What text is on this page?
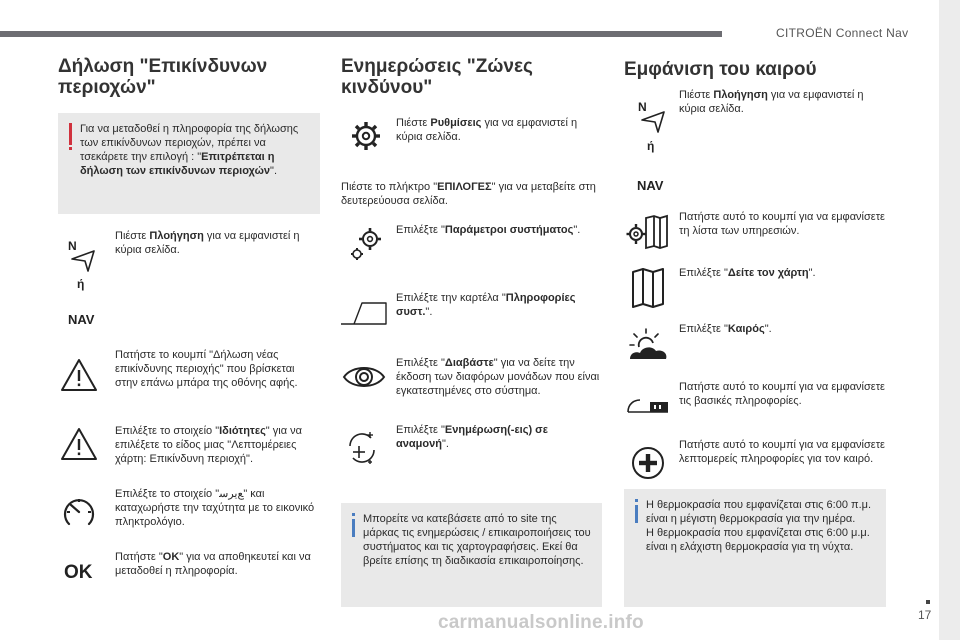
CITROËN Connect Nav
Δήλωση "Επικίνδυνων
περιοχών"

Για να μεταδοθεί η πληροφορία της δήλωσης των επικίνδυνων περιοχών, πρέπει να τσεκάρετε την επιλογή : "Επιτρέπεται η δήλωση των επικίνδυνων περιοχών".

N
ή
NAV
Πιέστε Πλοήγηση για να εμφανιστεί η κύρια σελίδα.
Πατήστε το κουμπί "Δήλωση νέας επικίνδυνης περιοχής" που βρίσκεται στην επάνω μπάρα της οθόνης αφής.
Επιλέξτε το στοιχείο "Ιδιότητες" για να επιλέξετε το είδος μιας "Λεπτομέρειες χάρτη: Επικίνδυνη περιοχή".
Επιλέξτε το στοιχείο "ﻊﯾﺮﺳ" και καταχωρήστε την ταχύτητα με το εικονικό πληκτρολόγιο.
OK
Πατήστε "OK" για να αποθηκευτεί και να μεταδοθεί η πληροφορία.
Ενημερώσεις "Ζώνες
κινδύνου"
Πιέστε Ρυθμίσεις για να εμφανιστεί η κύρια σελίδα.
Πιέστε το πλήκτρο "ΕΠΙΛΟΓΕΣ" για να μεταβείτε στη δευτερεύουσα σελίδα.
Επιλέξτε "Παράμετροι συστήματος".
Επιλέξτε την καρτέλα "Πληροφορίες συστ.".
Επιλέξτε "Διαβάστε" για να δείτε την έκδοση των διαφόρων μονάδων που είναι εγκατεστημένες στο σύστημα.
Επιλέξτε "Ενημέρωση(-εις) σε αναμονή".

Μπορείτε να κατεβάσετε από το site της μάρκας τις ενημερώσεις / επικαιροποιήσεις του συστήματος και τις χαρτογραφήσεις. Εκεί θα βρείτε επίσης τη διαδικασία επικαιροποίησης.

Εμφάνιση του καιρού
N
ή
NAV
Πιέστε Πλοήγηση για να εμφανιστεί η κύρια σελίδα.
Πατήστε αυτό το κουμπί για να εμφανίσετε τη λίστα των υπηρεσιών.
Επιλέξτε "Δείτε τον χάρτη".
Επιλέξτε "Καιρός".
Πατήστε αυτό το κουμπί για να εμφανίσετε τις βασικές πληροφορίες.
Πατήστε αυτό το κουμπί για να εμφανίσετε λεπτομερείς πληροφορίες για τον καιρό.

Η θερμοκρασία που εμφανίζεται στις 6:00 π.μ. είναι η μέγιστη θερμοκρασία για την ημέρα.

Η θερμοκρασία που εμφανίζεται στις 6:00 μ.μ. είναι η ελάχιστη θερμοκρασία για τη νύχτα.

17
carmanualsonline.info
